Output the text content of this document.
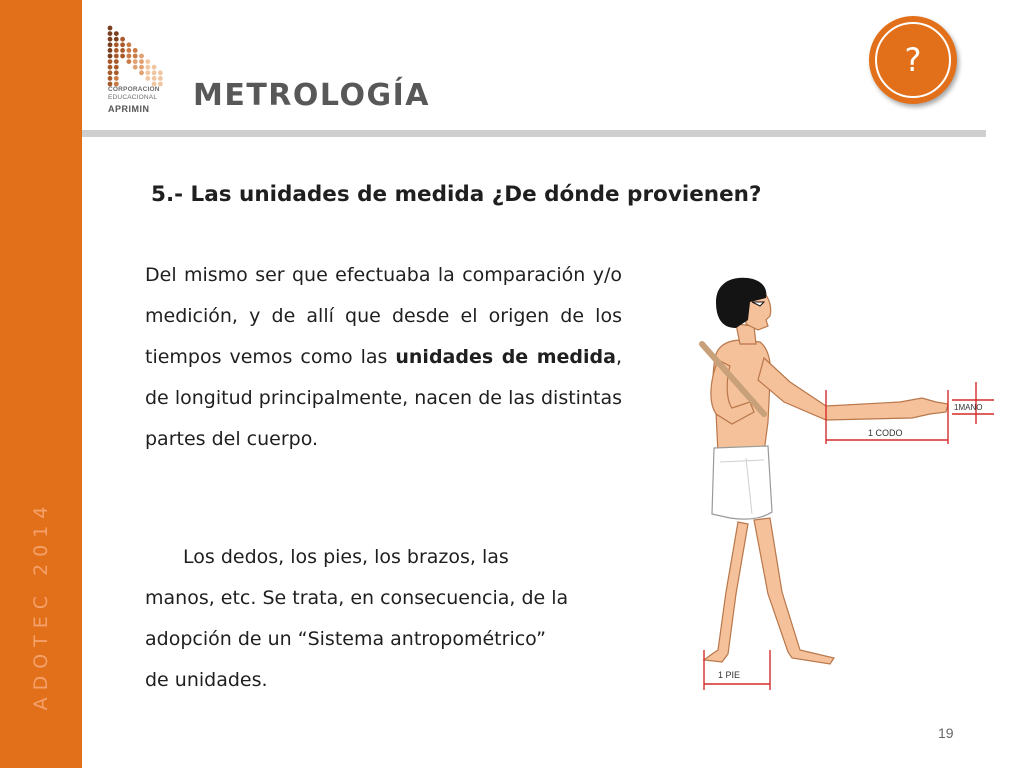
ADOTEC 2014
CORPORACION
EDUCACIONAL
APRIMIN METROLOGÍA
?
5.- Las unidades de medida ¿De dónde provienen?

Del mismo ser que efectuaba la comparación y/o medición, y de allí que desde el origen de los tiempos vemos como las unidades de medida, de longitud principalmente, nacen de las distintas partes del cuerpo.

Los dedos, los pies, los brazos, las
manos, etc. Se trata, en consecuencia, de la
adopción de un “Sistema antropométrico”
de unidades.

1 CODO
1MANO
1 PIE
19
